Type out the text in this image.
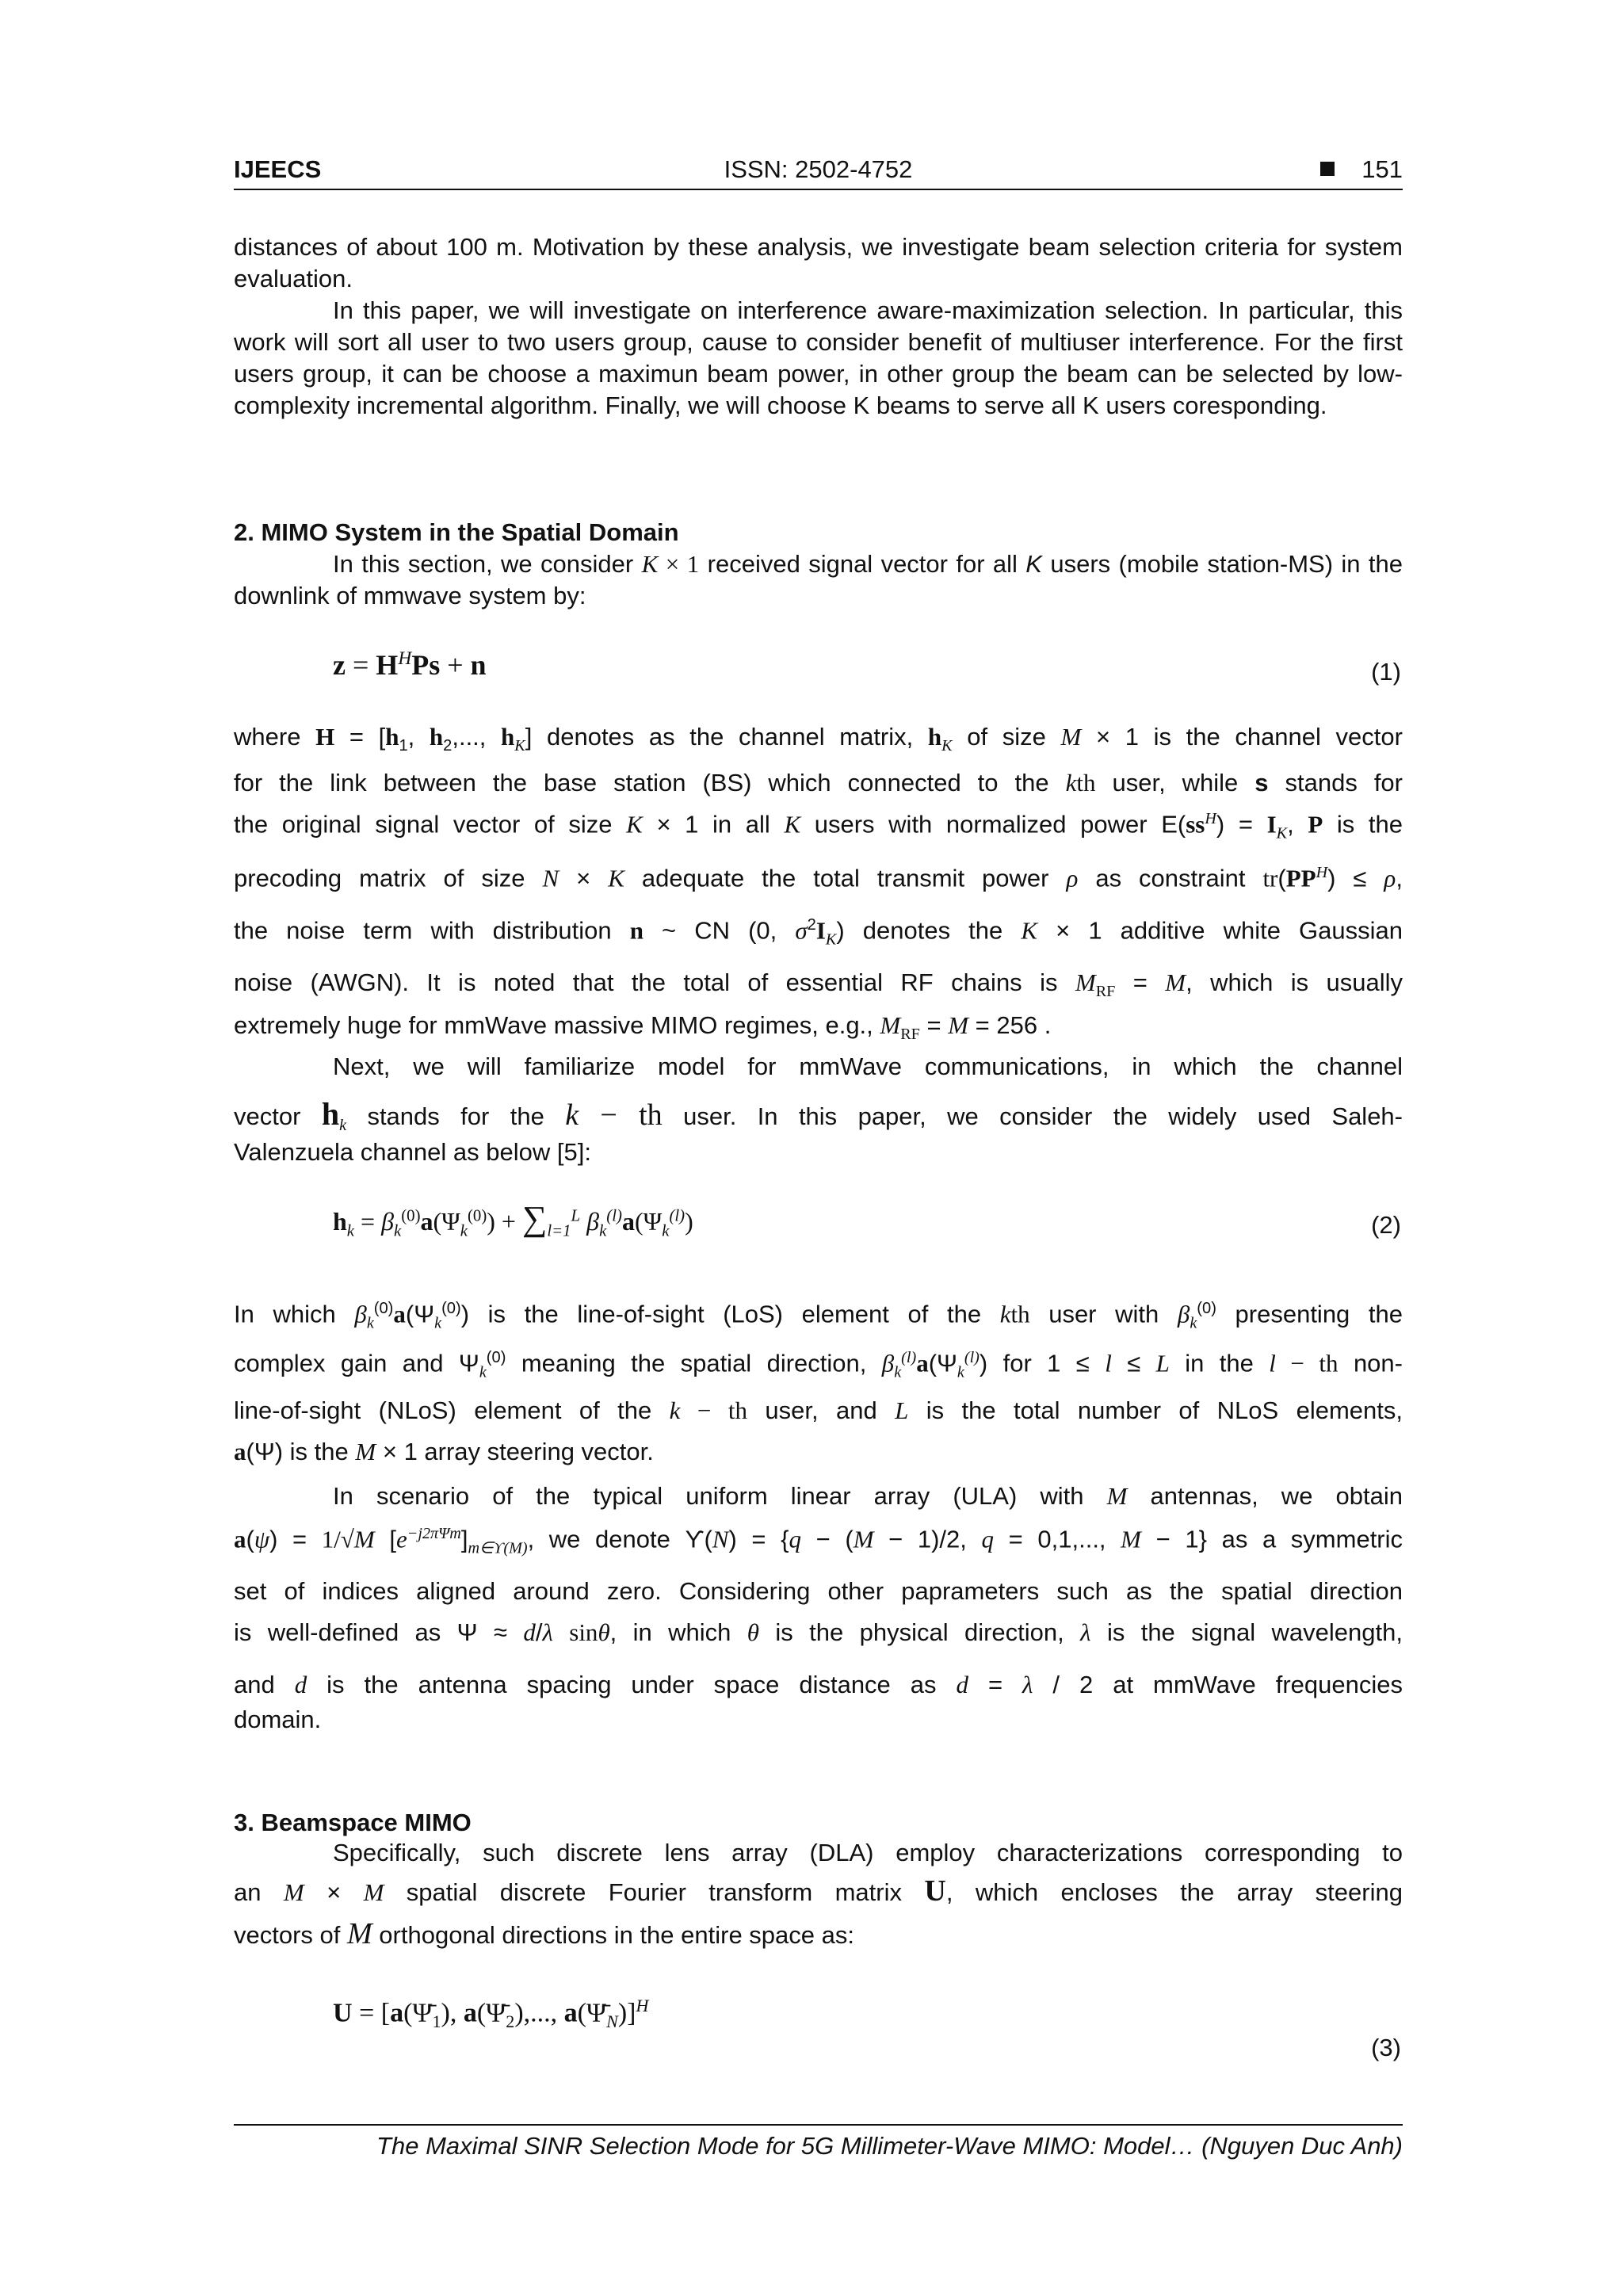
IJEECS	ISSN: 2502-4752	151

distances of about 100 m. Motivation by these analysis, we investigate beam selection criteria for system evaluation.

In this paper, we will investigate on interference aware-maximization selection. In particular, this work will sort all user to two users group, cause to consider benefit of multiuser interference. For the first users group, it can be choose a maximun beam power, in other group the beam can be selected by low-complexity incremental algorithm. Finally, we will choose K beams to serve all K users coresponding.

2. MIMO System in the Spatial Domain

In this section, we consider K × 1 received signal vector for all K users (mobile station-MS) in the downlink of mmwave system by:

$z = H^HPs + n$	(1)
where $H = [h_1$, $h_2$,..., $h_K$] denotes as the channel matrix, $h_K$ of size M × 1 is the channel vector
for the link between the base station (BS) which connected to the kth user, while s stands for
the original signal vector of size K × 1 in all K users with normalized power $E(ss^H) = I_K$, P is the
precoding matrix of size N × K adequate the total transmit power ρ as constraint $tr(PP^H) \le \rho$,
the noise term with distribution n ~ CN (0, $\sigma^2I_K$) denotes the K × 1 additive white Gaussian
noise (AWGN). It is noted that the total of essential RF chains is $M_{RF} = M$, which is usually
extremely huge for mmWave massive MIMO regimes, e.g., $M_{RF} = M = 256$ .
Next, we will familiarize model for mmWave communications, in which the channel
vector $h_k$ stands for the k − th user. In this paper, we consider the widely used Saleh-
Valenzuela channel as below [5]:
$h_k = \beta_k^{(0)}a(\Psi_k^{(0)}) + \sum_{l=1}^L$ $\beta_k^{(l)}a(\Psi_k^{(l)})$	(2)
In which $\beta_k^{(0)}a(\Psi_k^{(0)})$ is the line-of-sight (LoS) element of the kth user with $\beta_k^{(0)}$ presenting the
complex gain and $\Psi_k^{(0)}$ meaning the spatial direction, $\beta_k^{(l)}a(\Psi_k^{(l)})$ for 1 ≤ l ≤ L in the l − th non-
line-of-sight (NLoS) element of the k − th user, and L is the total number of NLoS elements,
a(Ψ) is the M × 1 array steering vector.
In scenario of the typical uniform linear array (ULA) with M antennas, we obtain
a(ψ) = 1/√M $[e^{-j2\pi\Psi m}]_{m\in ϒ(M)}$, we denote ϒ(N) = {q − (M − 1)/2, q = 0,1,..., M − 1} as a symmetric
set of indices aligned around zero. Considering other paprameters such as the spatial direction
is well-defined as Ψ ≈ d/λ sinθ, in which θ is the physical direction, λ is the signal wavelength,
and d is the antenna spacing under space distance as d = λ / 2 at mmWave frequencies
domain.
3. Beamspace MIMO
Specifically, such discrete lens array (DLA) employ characterizations corresponding to
an M × M spatial discrete Fourier transform matrix U, which encloses the array steering
vectors of M orthogonal directions in the entire space as:
$U = [a(\Psī_1)$, $a(\Psī_2)$,..., $a(\Psī_N)]^H$
(3)
The Maximal SINR Selection Mode for 5G Millimeter-Wave MIMO: Model… (Nguyen Duc Anh)
